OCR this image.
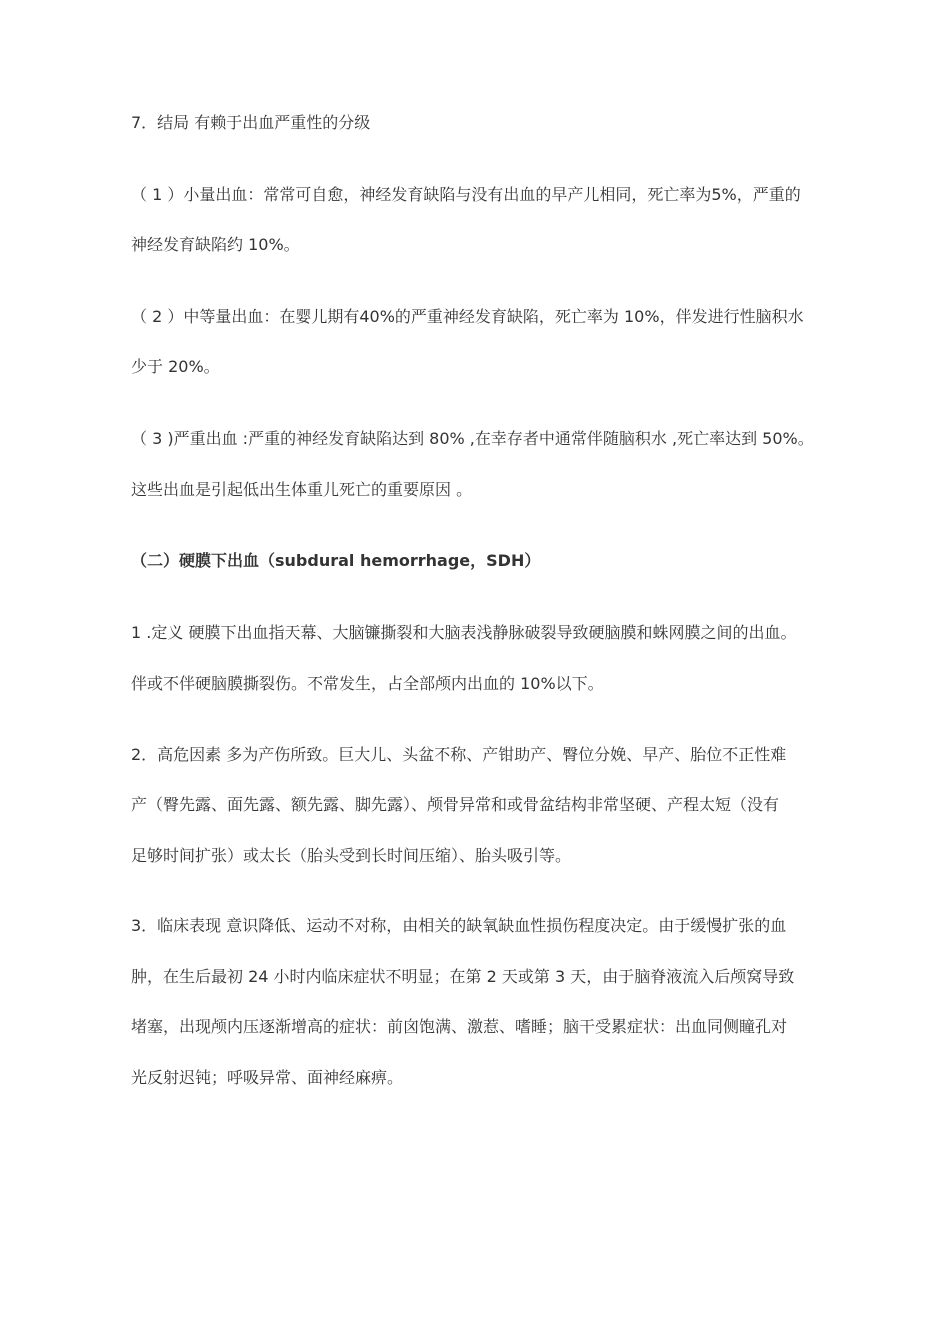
7．结局 有赖于出血严重性的分级
（ 1 ）小量出血：常常可自愈，神经发育缺陷与没有出血的早产儿相同，死亡率为5%，严重的
神经发育缺陷约 10%。
（ 2 ）中等量出血：在婴儿期有40%的严重神经发育缺陷，死亡率为 10%，伴发进行性脑积水
少于 20%。
（ 3 )严重出血 :严重的神经发育缺陷达到 80% ,在幸存者中通常伴随脑积水 ,死亡率达到 50%。
这些出血是引起低出生体重儿死亡的重要原因 。
（二）硬膜下出血（subdural hemorrhage，SDH）
1 .定义 硬膜下出血指天幕、大脑镰撕裂和大脑表浅静脉破裂导致硬脑膜和蛛网膜之间的出血。
伴或不伴硬脑膜撕裂伤。不常发生，占全部颅内出血的 10%以下。
2．高危因素 多为产伤所致。巨大儿、头盆不称、产钳助产、臀位分娩、早产、胎位不正性难
产（臀先露、面先露、额先露、脚先露）、颅骨异常和或骨盆结构非常坚硬、产程太短（没有
足够时间扩张）或太长（胎头受到长时间压缩）、胎头吸引等。
3．临床表现 意识降低、运动不对称，由相关的缺氧缺血性损伤程度决定。由于缓慢扩张的血
肿，在生后最初 24 小时内临床症状不明显；在第 2 天或第 3 天，由于脑脊液流入后颅窝导致
堵塞，出现颅内压逐渐增高的症状：前囟饱满、激惹、嗜睡；脑干受累症状：出血同侧瞳孔对
光反射迟钝；呼吸异常、面神经麻痹。
